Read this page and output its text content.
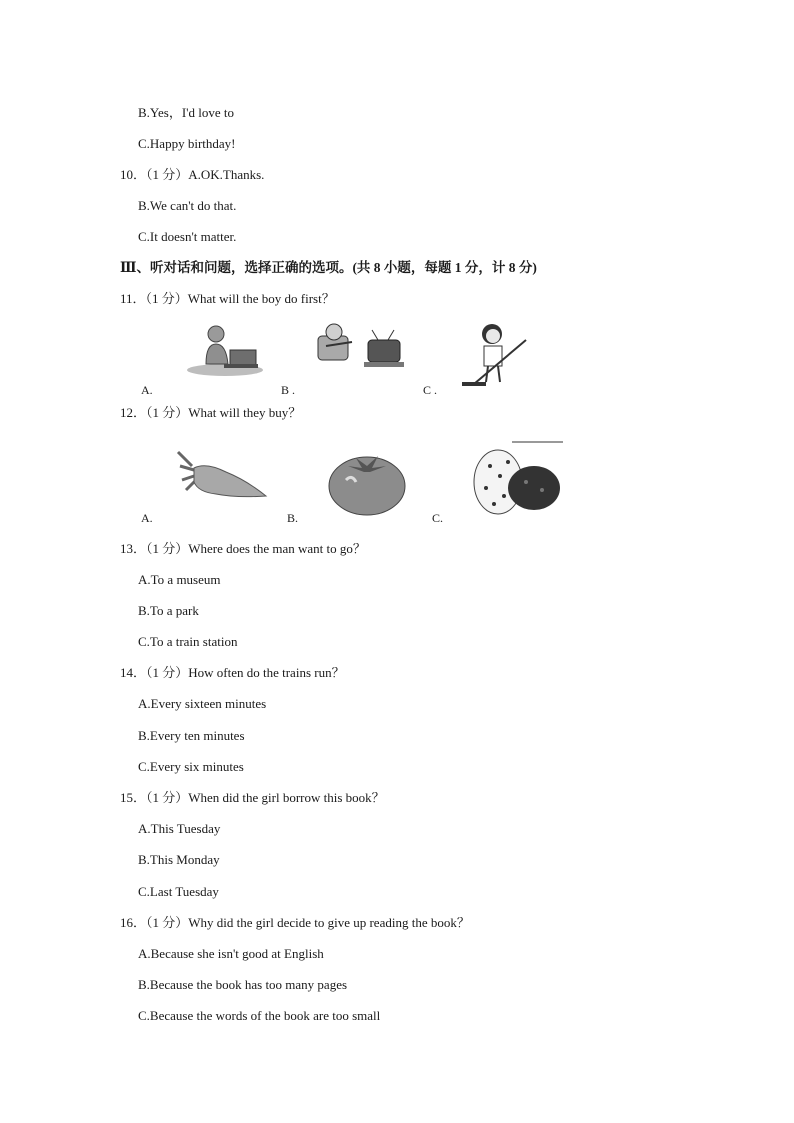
B.Yes，I'd love to
C.Happy birthday!
10．（1 分）A.OK.Thanks.
B.We can't do that.
C.It doesn't matter.
Ⅲ、听对话和问题，选择正确的选项。(共 8 小题，每题 1 分，计 8 分)
11．（1 分）What will the boy do first？
A.	B .	C .
12．（1 分）What will they buy？
A.	B.	C.
13．（1 分）Where does the man want to go？
A.To a museum
B.To a park
C.To a train station
14．（1 分）How often do the trains run？
A.Every sixteen minutes
B.Every ten minutes
C.Every six minutes
15．（1 分）When did the girl borrow this book？
A.This Tuesday
B.This Monday
C.Last Tuesday
16．（1 分）Why did the girl decide to give up reading the book？
A.Because she isn't good at English
B.Because the book has too many pages
C.Because the words of the book are too small
